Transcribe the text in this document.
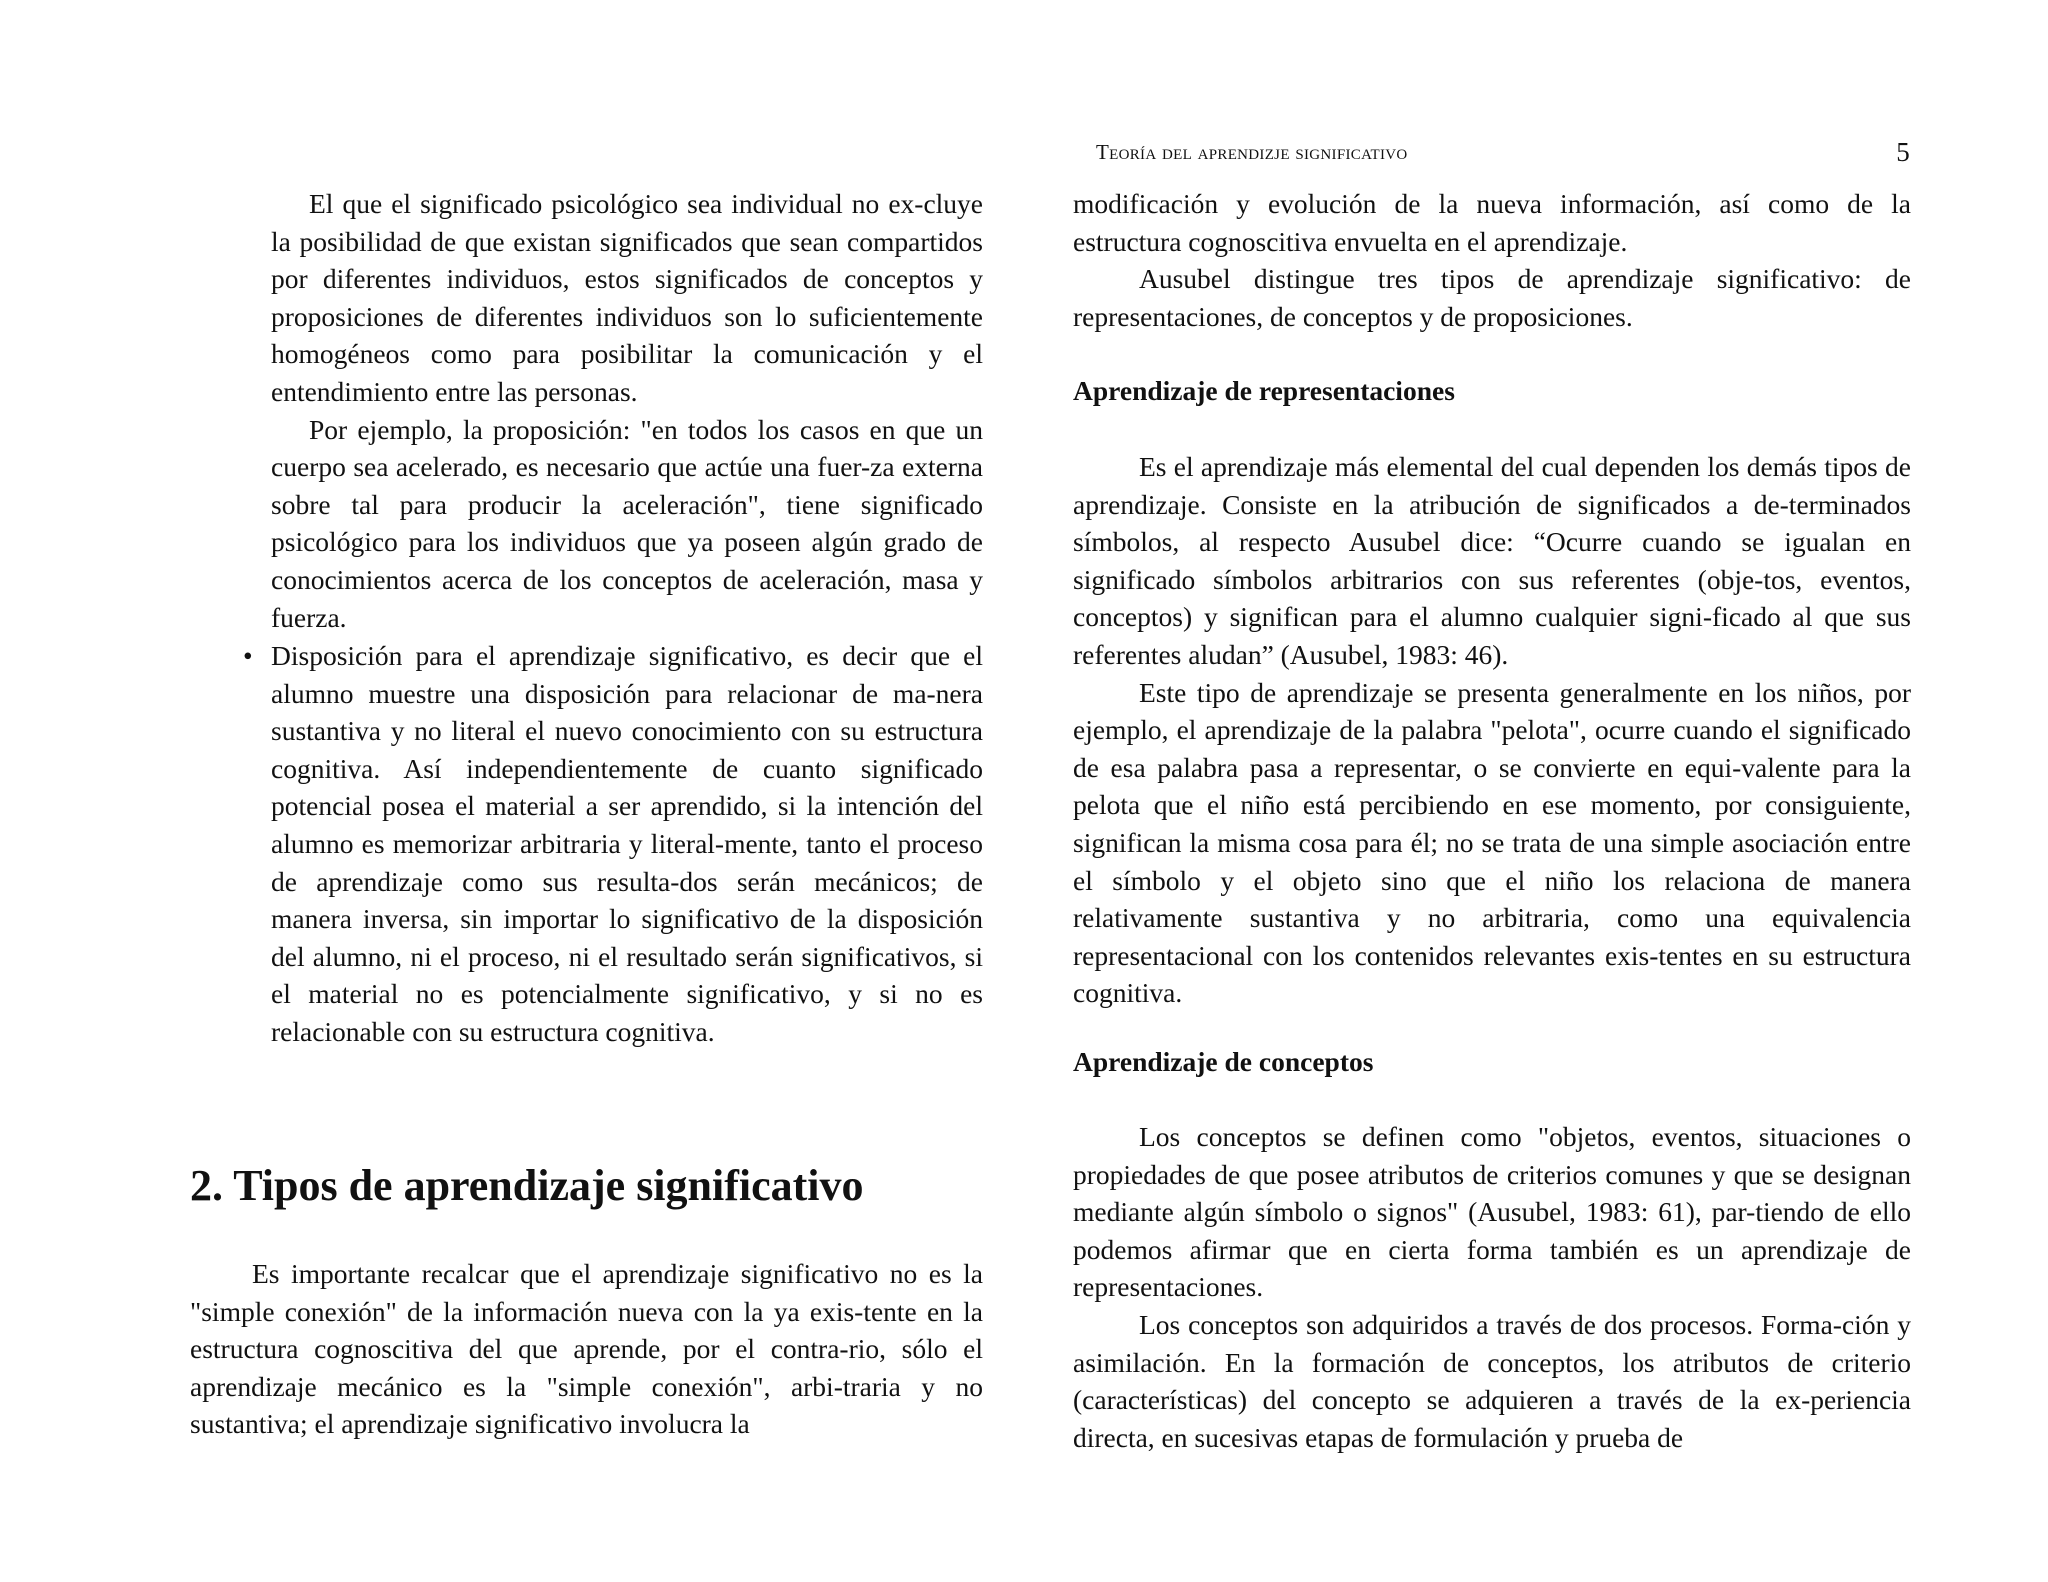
Teoría del aprendizje significativo	5

El que el significado psicológico sea individual no ex-cluye la posibilidad de que existan significados que sean compartidos por diferentes individuos, estos significados de conceptos y proposiciones de diferentes individuos son lo suficientemente homogéneos como para posibilitar la comunicación y el entendimiento entre las personas.

Por ejemplo, la proposición: "en todos los casos en que un cuerpo sea acelerado, es necesario que actúe una fuer-za externa sobre tal para producir la aceleración", tiene significado psicológico para los individuos que ya poseen algún grado de conocimientos acerca de los conceptos de aceleración, masa y fuerza.

• Disposición para el aprendizaje significativo, es decir que el alumno muestre una disposición para relacionar de ma-nera sustantiva y no literal el nuevo conocimiento con su estructura cognitiva. Así independientemente de cuanto significado potencial posea el material a ser aprendido, si la intención del alumno es memorizar arbitraria y literal-mente, tanto el proceso de aprendizaje como sus resulta-dos serán mecánicos; de manera inversa, sin importar lo significativo de la disposición del alumno, ni el proceso, ni el resultado serán significativos, si el material no es potencialmente significativo, y si no es relacionable con su estructura cognitiva.

2. Tipos de aprendizaje significativo

Es importante recalcar que el aprendizaje significativo no es la "simple conexión" de la información nueva con la ya exis-tente en la estructura cognoscitiva del que aprende, por el contra-rio, sólo el aprendizaje mecánico es la "simple conexión", arbi-traria y no sustantiva; el aprendizaje significativo involucra la

modificación y evolución de la nueva información, así como de la estructura cognoscitiva envuelta en el aprendizaje.

Ausubel distingue tres tipos de aprendizaje significativo: de representaciones, de conceptos y de proposiciones.

Aprendizaje de representaciones

Es el aprendizaje más elemental del cual dependen los demás tipos de aprendizaje. Consiste en la atribución de significados a de-terminados símbolos, al respecto Ausubel dice: “Ocurre cuando se igualan en significado símbolos arbitrarios con sus referentes (obje-tos, eventos, conceptos) y significan para el alumno cualquier signi-ficado al que sus referentes aludan” (Ausubel, 1983: 46).

Este tipo de aprendizaje se presenta generalmente en los niños, por ejemplo, el aprendizaje de la palabra "pelota", ocurre cuando el significado de esa palabra pasa a representar, o se convierte en equi-valente para la pelota que el niño está percibiendo en ese momento, por consiguiente, significan la misma cosa para él; no se trata de una simple asociación entre el símbolo y el objeto sino que el niño los relaciona de manera relativamente sustantiva y no arbitraria, como una equivalencia representacional con los contenidos relevantes exis-tentes en su estructura cognitiva.

Aprendizaje de conceptos

Los conceptos se definen como "objetos, eventos, situaciones o propiedades de que posee atributos de criterios comunes y que se designan mediante algún símbolo o signos" (Ausubel, 1983: 61), par-tiendo de ello podemos afirmar que en cierta forma también es un aprendizaje de representaciones.

Los conceptos son adquiridos a través de dos procesos. Forma-ción y asimilación. En la formación de conceptos, los atributos de criterio (características) del concepto se adquieren a través de la ex-periencia directa, en sucesivas etapas de formulación y prueba de
